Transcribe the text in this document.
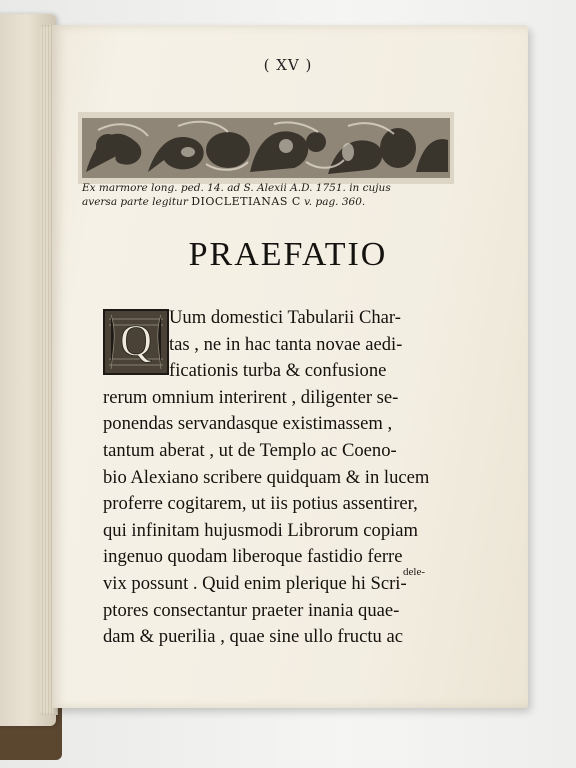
( XV )
Ex marmore long. ped. 14. ad S. Alexii A.D. 1751. in cujus
aversa parte legitur DIOCLETIANAS C v. pag. 360.
PRAEFATIO
Q Uum domestici Tabularii Char-
tas , ne in hac tanta novae aedi-
ficationis turba & confusione
rerum omnium interirent , diligenter se-
ponendas servandasque existimassem ,
tantum aberat , ut de Templo ac Coeno-
bio Alexiano scribere quidquam & in lucem
proferre cogitarem, ut iis potius assentirer,
qui infinitam hujusmodi Librorum copiam
ingenuo quodam liberoque fastidio ferre
vix possunt . Quid enim plerique hi Scri-
ptores consectantur praeter inania quae-
dam & puerilia , quae sine ullo fructu ac
dele-
